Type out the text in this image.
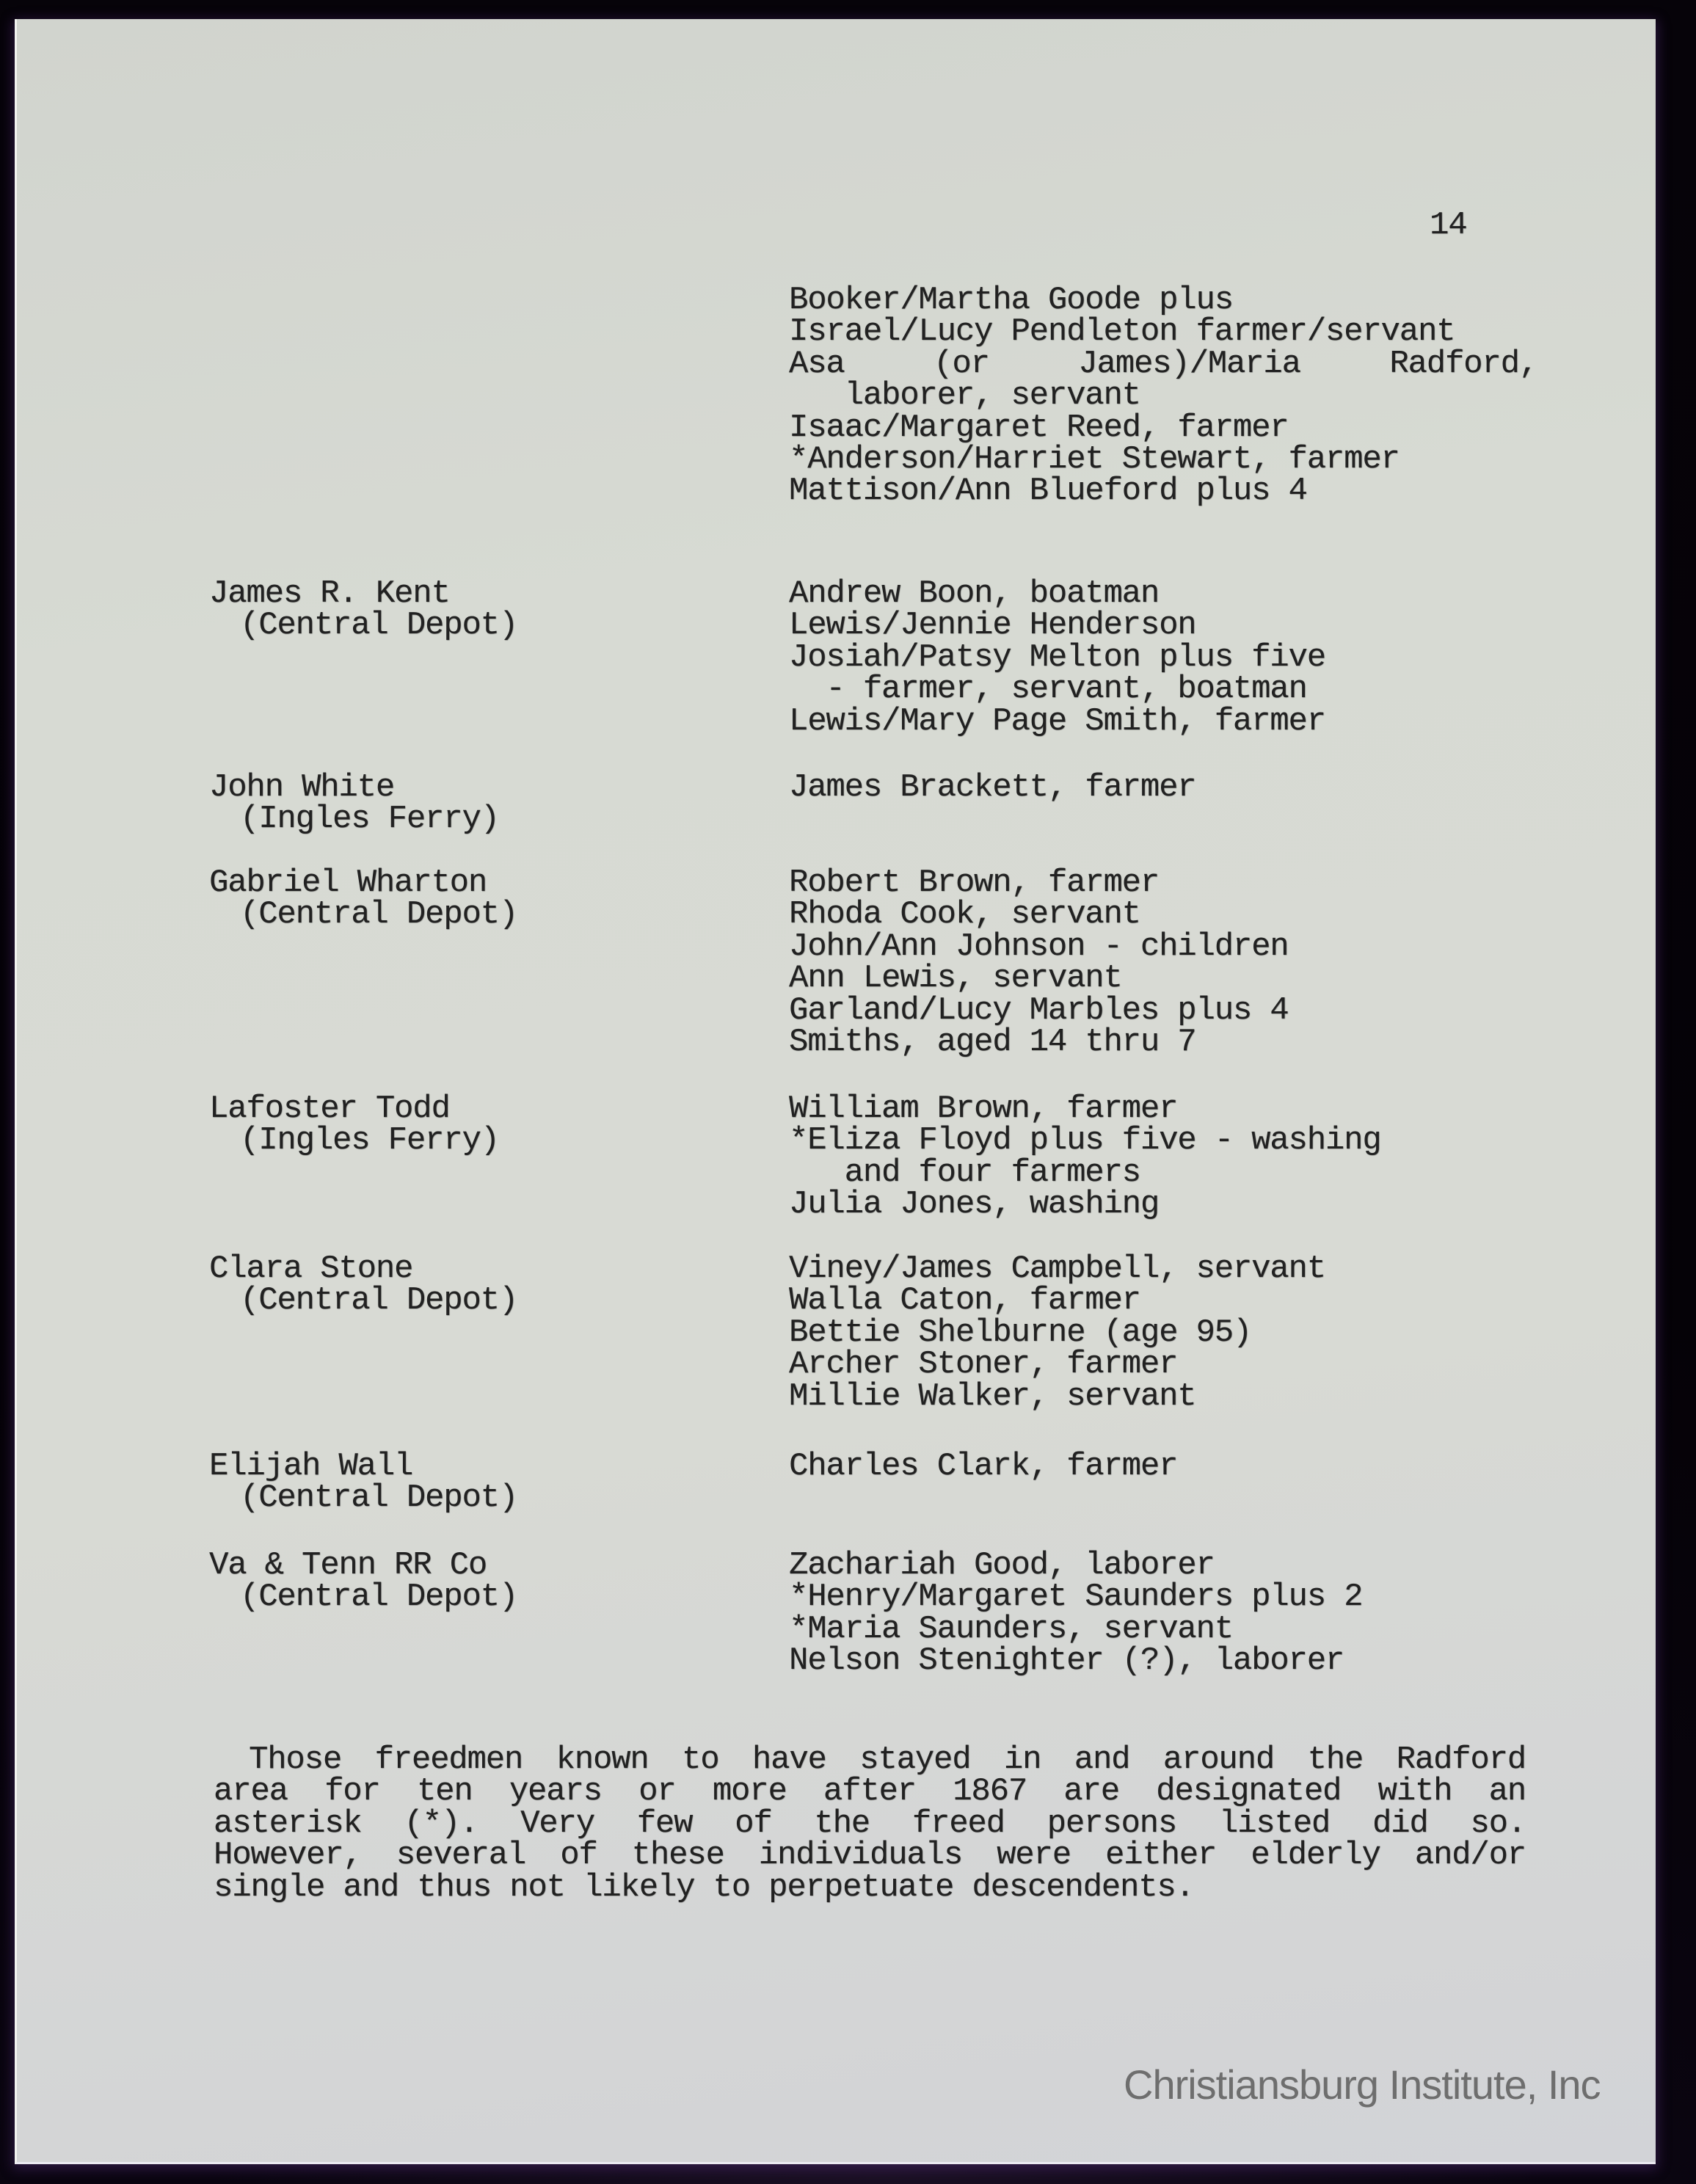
14
Booker/Martha Goode plus
Israel/Lucy Pendleton farmer/servant
Asa (or James)/Maria Radford,
laborer, servant
Isaac/Margaret Reed, farmer
*Anderson/Harriet Stewart, farmer
Mattison/Ann Blueford plus 4
James R. Kent
(Central Depot)
Andrew Boon, boatman
Lewis/Jennie Henderson
Josiah/Patsy Melton plus five
- farmer, servant, boatman
Lewis/Mary Page Smith, farmer
John White
(Ingles Ferry)
James Brackett, farmer
Gabriel Wharton
(Central Depot)
Robert Brown, farmer
Rhoda Cook, servant
John/Ann Johnson - children
Ann Lewis, servant
Garland/Lucy Marbles plus 4
Smiths, aged 14 thru 7
Lafoster Todd
(Ingles Ferry)
William Brown, farmer
*Eliza Floyd plus five - washing
and four farmers
Julia Jones, washing
Clara Stone
(Central Depot)
Viney/James Campbell, servant
Walla Caton, farmer
Bettie Shelburne (age 95)
Archer Stoner, farmer
Millie Walker, servant
Elijah Wall
(Central Depot)
Charles Clark, farmer
Va & Tenn RR Co
(Central Depot)
Zachariah Good, laborer
*Henry/Margaret Saunders plus 2
*Maria Saunders, servant
Nelson Stenighter (?), laborer
Those freedmen known to have stayed in and around the Radford
area for ten years or more after 1867 are designated with an
asterisk (*). Very few of the freed persons listed did so.
However, several of these individuals were either elderly and/or
single and thus not likely to perpetuate descendents.
Christiansburg Institute, Inc
